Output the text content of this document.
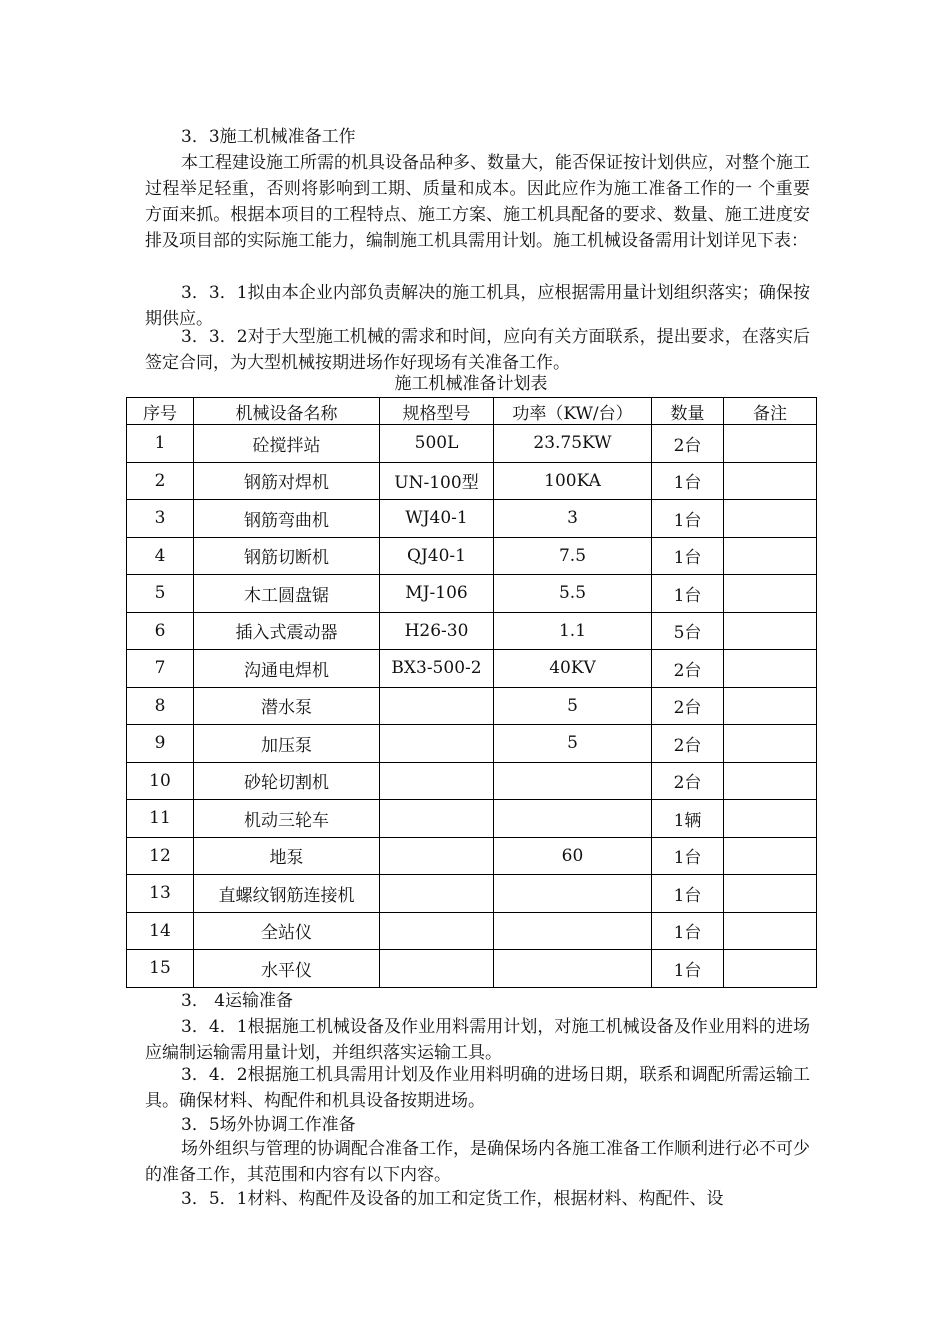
3．3施工机械准备工作

本工程建设施工所需的机具设备品种多、数量大，能否保证按计划供应，对整个施工过程举足轻重，否则将影响到工期、质量和成本。因此应作为施工准备工作的一 个重要方面来抓。根据本项目的工程特点、施工方案、施工机具配备的要求、数量、施工进度安排及项目部的实际施工能力，编制施工机具需用计划。施工机械设备需用计划详见下表：

3．3．1拟由本企业内部负责解决的施工机具，应根据需用量计划组织落实；确保按期供应。

3．3．2对于大型施工机械的需求和时间，应向有关方面联系，提出要求，在落实后签定合同，为大型机械按期进场作好现场有关准备工作。

施工机械准备计划表

序号	机械设备名称	规格型号	功率（KW/台）	数量	备注
1	砼搅拌站	500L	23.75KW	2台	
2	钢筋对焊机	UN-100型	100KA	1台	
3	钢筋弯曲机	WJ40-1	3	1台	
4	钢筋切断机	QJ40-1	7.5	1台	
5	木工圆盘锯	MJ-106	5.5	1台	
6	插入式震动器	H26-30	1.1	5台	
7	沟通电焊机	BX3-500-2	40KV	2台	
8	潜水泵		5	2台	
9	加压泵		5	2台	
10	砂轮切割机			2台	
11	机动三轮车			1辆	
12	地泵		60	1台	
13	直螺纹钢筋连接机			1台	
14	全站仪			1台	
15	水平仪			1台	

3． 4运输准备

3．4．1根据施工机械设备及作业用料需用计划，对施工机械设备及作业用料的进场应编制运输需用量计划，并组织落实运输工具。

3．4．2根据施工机具需用计划及作业用料明确的进场日期，联系和调配所需运输工具。确保材料、构配件和机具设备按期进场。

3．5场外协调工作准备

场外组织与管理的协调配合准备工作，是确保场内各施工准备工作顺利进行必不可少的准备工作，其范围和内容有以下内容。

3．5．1材料、构配件及设备的加工和定货工作，根据材料、构配件、设
